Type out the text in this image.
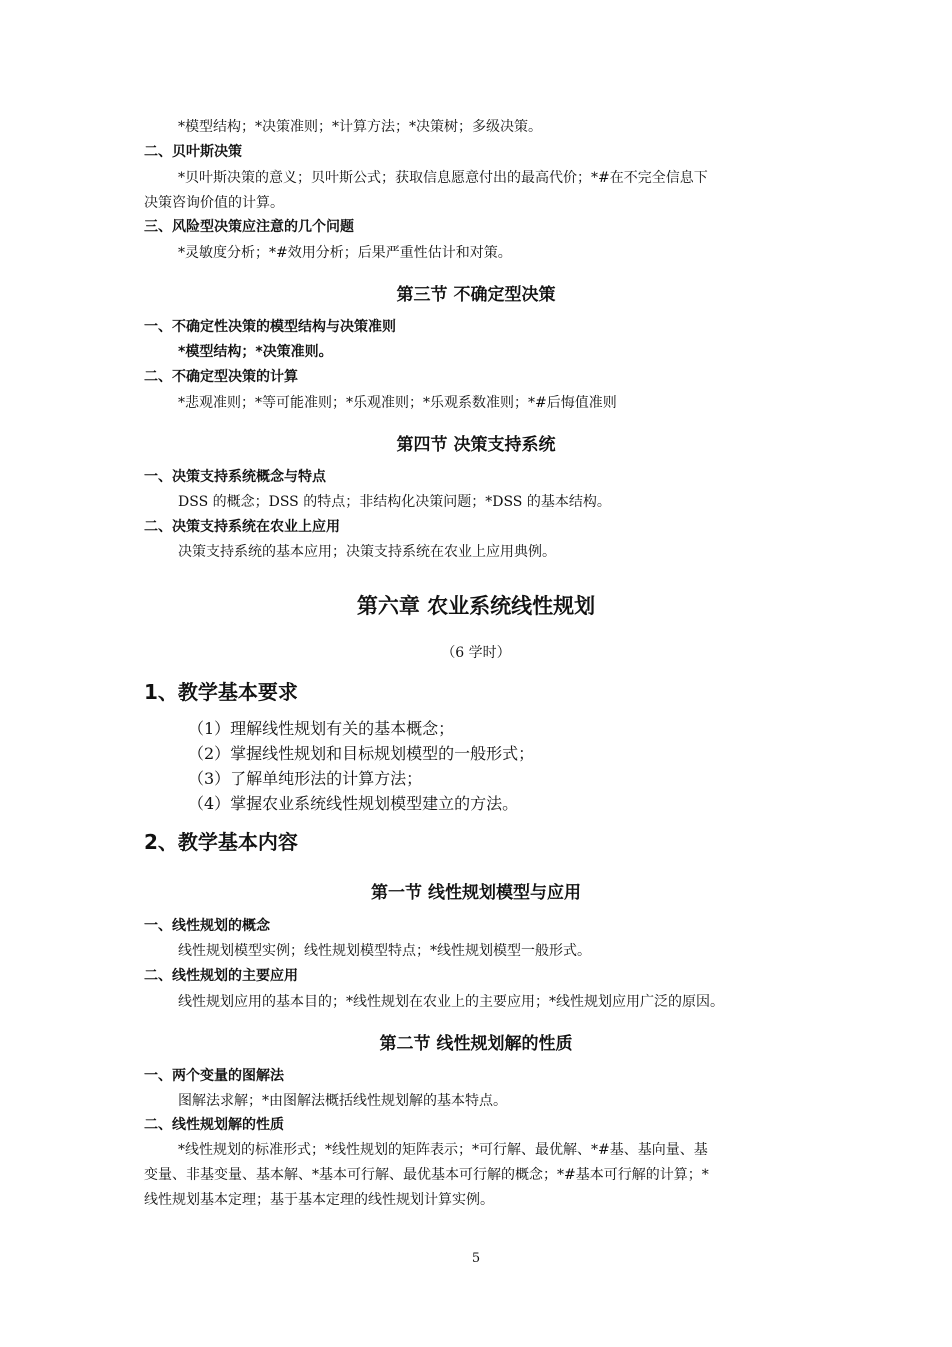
*模型结构；*决策准则；*计算方法；*决策树；多级决策。
二、贝叶斯决策
*贝叶斯决策的意义；贝叶斯公式；获取信息愿意付出的最高代价；*#在不完全信息下
决策咨询价值的计算。
三、风险型决策应注意的几个问题
*灵敏度分析；*#效用分析；后果严重性估计和对策。
第三节 不确定型决策
一、不确定性决策的模型结构与决策准则
*模型结构；*决策准则。
二、不确定型决策的计算
*悲观准则；*等可能准则；*乐观准则；*乐观系数准则；*#后悔值准则
第四节 决策支持系统
一、决策支持系统概念与特点
DSS 的概念；DSS 的特点；非结构化决策问题；*DSS 的基本结构。
二、决策支持系统在农业上应用
决策支持系统的基本应用；决策支持系统在农业上应用典例。
第六章 农业系统线性规划
（6 学时）
1、教学基本要求
（1）理解线性规划有关的基本概念；
（2）掌握线性规划和目标规划模型的一般形式；
（3）了解单纯形法的计算方法；
（4）掌握农业系统线性规划模型建立的方法。
2、教学基本内容
第一节 线性规划模型与应用
一、线性规划的概念
线性规划模型实例；线性规划模型特点；*线性规划模型一般形式。
二、线性规划的主要应用
线性规划应用的基本目的；*线性规划在农业上的主要应用；*线性规划应用广泛的原因。
第二节 线性规划解的性质
一、两个变量的图解法
图解法求解；*由图解法概括线性规划解的基本特点。
二、线性规划解的性质
*线性规划的标准形式；*线性规划的矩阵表示；*可行解、最优解、*#基、基向量、基
变量、非基变量、基本解、*基本可行解、最优基本可行解的概念；*#基本可行解的计算；*
线性规划基本定理；基于基本定理的线性规划计算实例。
5
